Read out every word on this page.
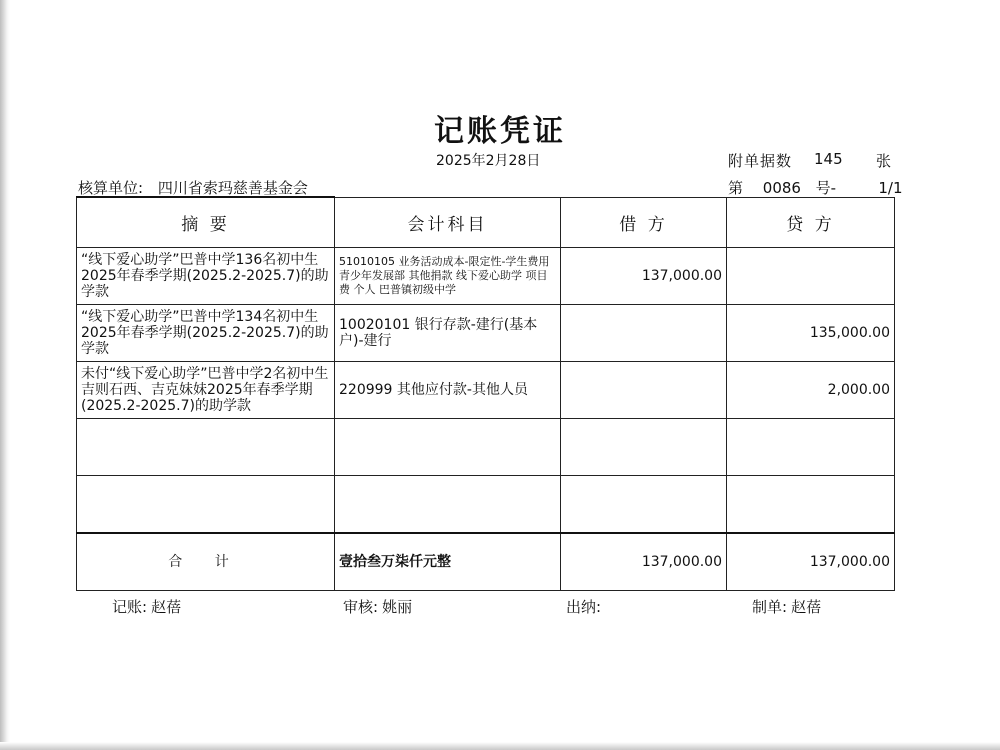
记账凭证
2025年2月28日	附单据数 145 张
核算单位: 四川省索玛慈善基金会	第 0086 号-	1/1
摘 要	会计科目	借 方	贷 方
“线下爱心助学”巴普中学136名初中生2025年春季学期(2025.2-2025.7)的助学款	51010105 业务活动成本-限定性-学生费用 青少年发展部 其他捐款 线下爱心助学 项目费 个人 巴普镇初级中学	137,000.00	
“线下爱心助学”巴普中学134名初中生2025年春季学期(2025.2-2025.7)的助学款	10020101 银行存款-建行(基本户)-建行		135,000.00
未付“线下爱心助学”巴普中学2名初中生吉则石西、吉克妹妹2025年春季学期(2025.2-2025.7)的助学款	220999 其他应付款-其他人员		2,000.00

合 计	壹拾叁万柒仟元整	137,000.00	137,000.00
记账: 赵蓓	审核: 姚丽	出纳:	制单: 赵蓓
